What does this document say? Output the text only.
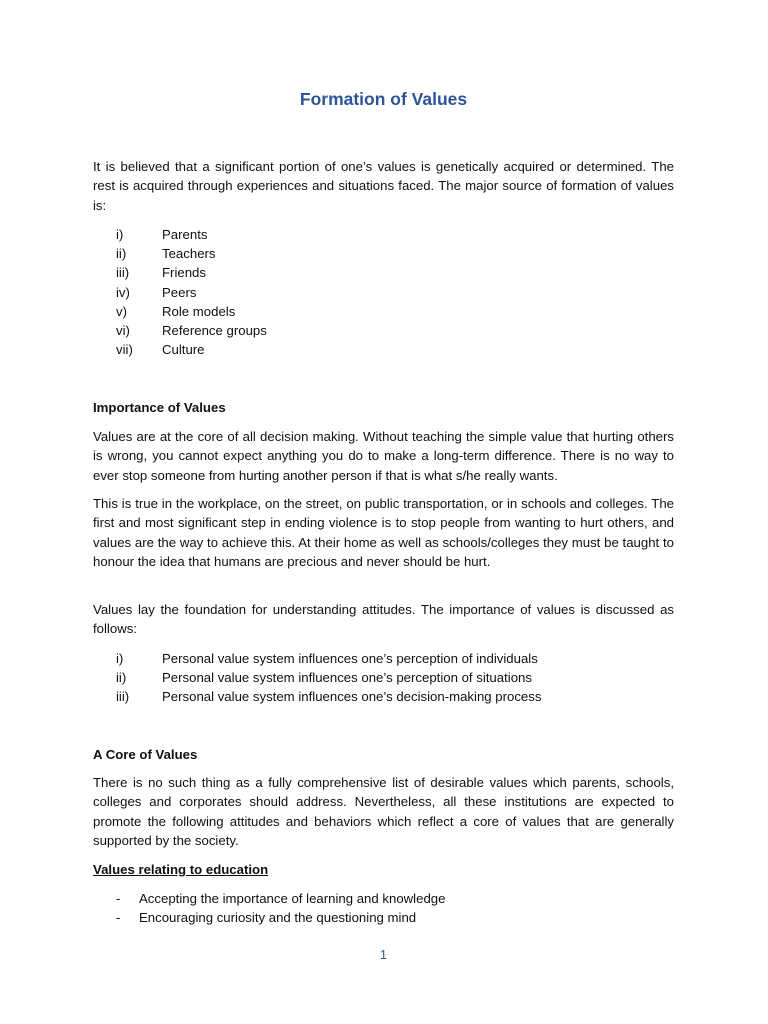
Formation of Values

It is believed that a significant portion of one’s values is genetically acquired or determined. The rest is acquired through experiences and situations faced. The major source of formation of values is:

i)	Parents
ii)	Teachers
iii) Friends
iv) Peers
v)	Role models
vi) Reference groups
vii) Culture
Importance of Values

Values are at the core of all decision making. Without teaching the simple value that hurting others is wrong, you cannot expect anything you do to make a long-term difference. There is no way to ever stop someone from hurting another person if that is what s/he really wants.

This is true in the workplace, on the street, on public transportation, or in schools and colleges. The first and most significant step in ending violence is to stop people from wanting to hurt others, and values are the way to achieve this. At their home as well as schools/colleges they must be taught to honour the idea that humans are precious and never should be hurt.

Values lay the foundation for understanding attitudes. The importance of values is discussed as follows:

i)	Personal value system influences one’s perception of individuals
ii)	Personal value system influences one’s perception of situations
iii) Personal value system influences one’s decision-making process
A Core of Values

There is no such thing as a fully comprehensive list of desirable values which parents, schools, colleges and corporates should address. Nevertheless, all these institutions are expected to promote the following attitudes and behaviors which reflect a core of values that are generally supported by the society.

Values relating to education
- Accepting the importance of learning and knowledge
- Encouraging curiosity and the questioning mind
1
